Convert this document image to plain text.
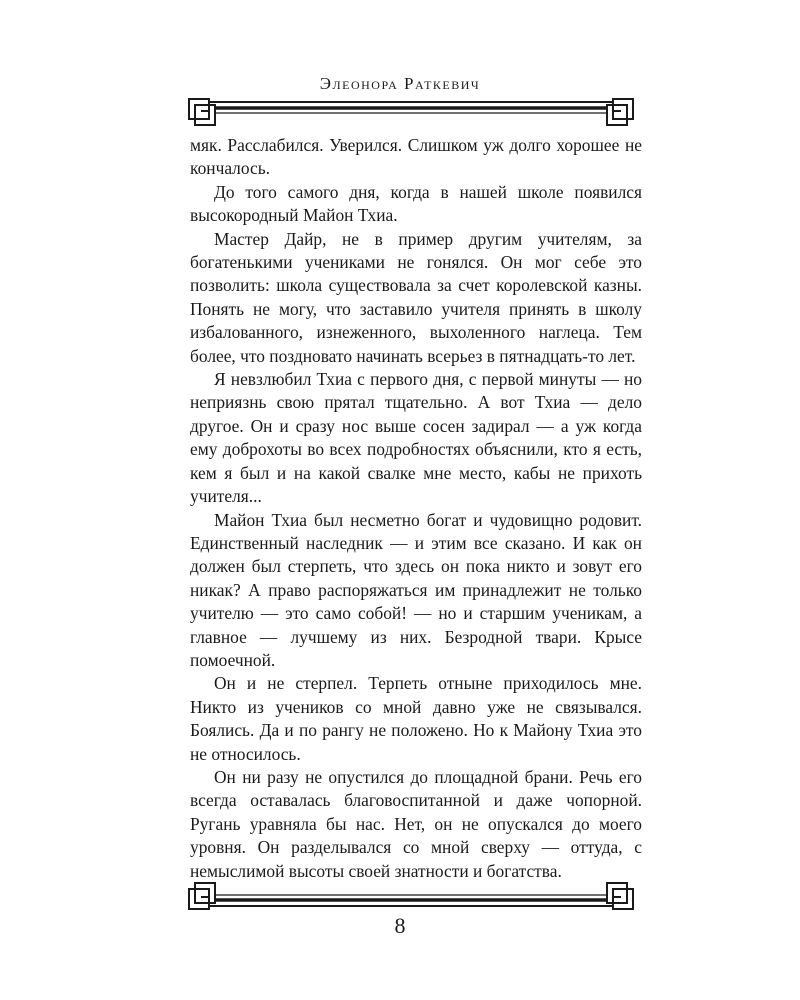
Элеонора Раткевич

мяк. Расслабился. Уверился. Слишком уж долго хорошее не кончалось.

До того самого дня, когда в нашей школе появился высокородный Майон Тхиа.

Мастер Дайр, не в пример другим учителям, за богатенькими учениками не гонялся. Он мог себе это позволить: школа существовала за счет королевской казны. Понять не могу, что заставило учителя принять в школу избалованного, изнеженного, выхоленного наглеца. Тем более, что поздновато начинать всерьез в пятнадцать-то лет.

Я невзлюбил Тхиа с первого дня, с первой минуты — но неприязнь свою прятал тщательно. А вот Тхиа — дело другое. Он и сразу нос выше сосен задирал — а уж когда ему доброхоты во всех подробностях объяснили, кто я есть, кем я был и на какой свалке мне место, кабы не прихоть учителя...

Майон Тхиа был несметно богат и чудовищно родовит. Единственный наследник — и этим все сказано. И как он должен был стерпеть, что здесь он пока никто и зовут его никак? А право распоряжаться им принадлежит не только учителю — это само собой! — но и старшим ученикам, а главное — лучшему из них. Безродной твари. Крысе помоечной.

Он и не стерпел. Терпеть отныне приходилось мне. Никто из учеников со мной давно уже не связывался. Боялись. Да и по рангу не положено. Но к Майону Тхиа это не относилось.

Он ни разу не опустился до площадной брани. Речь его всегда оставалась благовоспитанной и даже чопорной. Ругань уравняла бы нас. Нет, он не опускался до моего уровня. Он разделывался со мной сверху — оттуда, с немыслимой высоты своей знатности и богатства.

8
